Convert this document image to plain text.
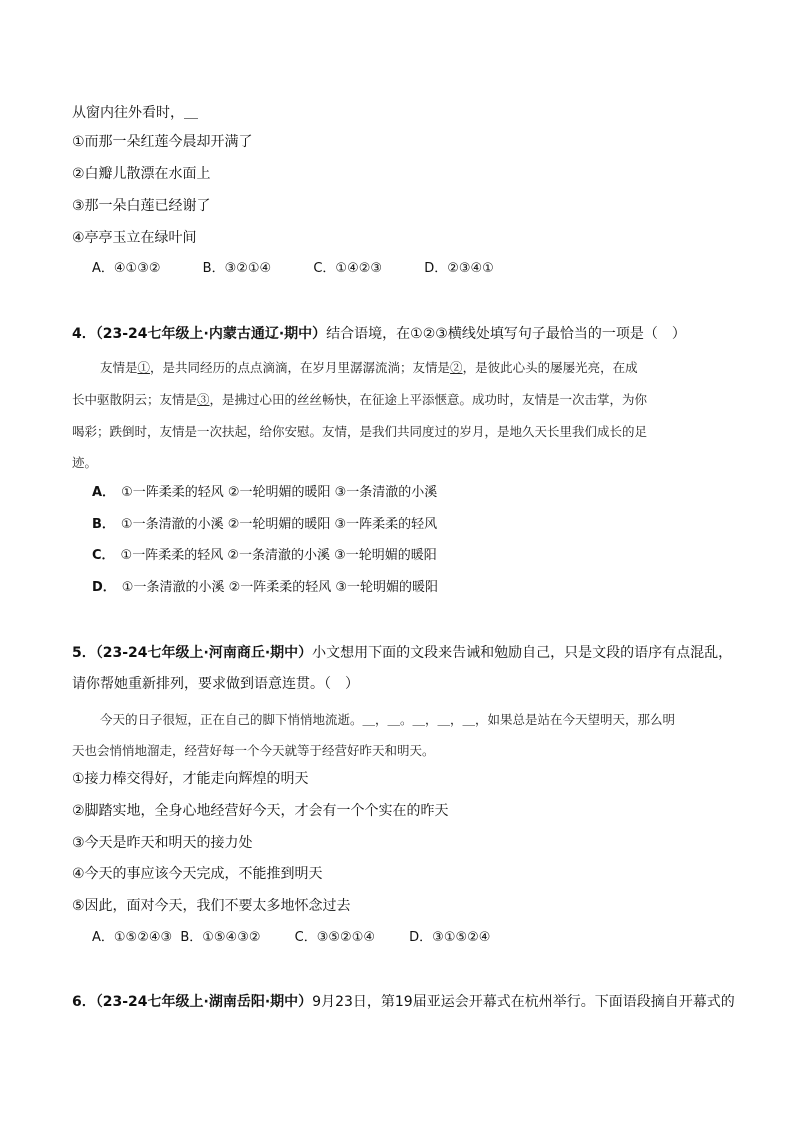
从窗内往外看时，＿
①而那一朵红莲今晨却开满了
②白瓣儿散漂在水面上
③那一朵白莲已经谢了
④亭亭玉立在绿叶间
A．④①③②	B．③②①④	C．①④②③	D．②③④①
4．（23-24七年级上·内蒙古通辽·期中）结合语境，在①②③横线处填写句子最恰当的一项是（　）
友情是①，是共同经历的点点滴滴，在岁月里潺潺流淌；友情是②，是彼此心头的屡屡光亮，在成
长中驱散阴云；友情是③，是拂过心田的丝丝畅快，在征途上平添惬意。成功时，友情是一次击掌，为你
喝彩；跌倒时，友情是一次扶起，给你安慰。友情，是我们共同度过的岁月，是地久天长里我们成长的足
迹。
A． ①一阵柔柔的轻风 ②一轮明媚的暖阳 ③一条清澈的小溪
B． ①一条清澈的小溪 ②一轮明媚的暖阳 ③一阵柔柔的轻风
C． ①一阵柔柔的轻风 ②一条清澈的小溪 ③一轮明媚的暖阳
D． ①一条清澈的小溪 ②一阵柔柔的轻风 ③一轮明媚的暖阳
5．（23-24七年级上·河南商丘·期中）小文想用下面的文段来告诫和勉励自己，只是文段的语序有点混乱，
请你帮她重新排列，要求做到语意连贯。（　）
今天的日子很短，正在自己的脚下悄悄地流逝。＿，＿。＿，＿，＿，如果总是站在今天望明天，那么明
天也会悄悄地溜走，经营好每一个今天就等于经营好昨天和明天。
①接力棒交得好，才能走向辉煌的明天
②脚踏实地，全身心地经营好今天，才会有一个个实在的昨天
③今天是昨天和明天的接力处
④今天的事应该今天完成，不能推到明天
⑤因此，面对今天，我们不要太多地怀念过去
A．①⑤②④③ B．①⑤④③②	C．③⑤②①④	D．③①⑤②④
6．（23-24七年级上·湖南岳阳·期中）9月23日，第19届亚运会开幕式在杭州举行。下面语段摘自开幕式的
